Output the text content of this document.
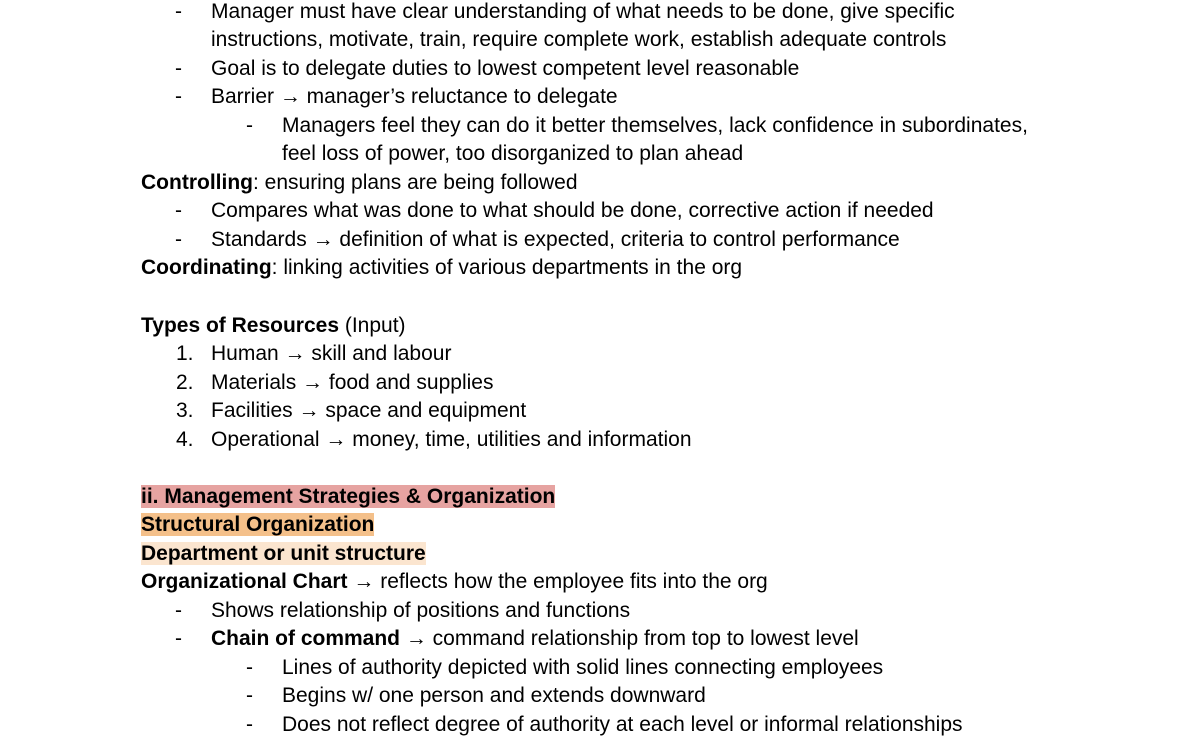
- Manager must have clear understanding of what needs to be done, give specific
instructions, motivate, train, require complete work, establish adequate controls
- Goal is to delegate duties to lowest competent level reasonable
- Barrier → manager’s reluctance to delegate
- Managers feel they can do it better themselves, lack confidence in subordinates,
feel loss of power, too disorganized to plan ahead
Controlling: ensuring plans are being followed
- Compares what was done to what should be done, corrective action if needed
- Standards → definition of what is expected, criteria to control performance
Coordinating: linking activities of various departments in the org
Types of Resources (Input)
1. Human → skill and labour
2. Materials → food and supplies
3. Facilities → space and equipment
4. Operational → money, time, utilities and information
ii. Management Strategies & Organization
Structural Organization
Department or unit structure
Organizational Chart → reflects how the employee fits into the org
- Shows relationship of positions and functions
- Chain of command → command relationship from top to lowest level
- Lines of authority depicted with solid lines connecting employees
- Begins w/ one person and extends downward
- Does not reflect degree of authority at each level or informal relationships
